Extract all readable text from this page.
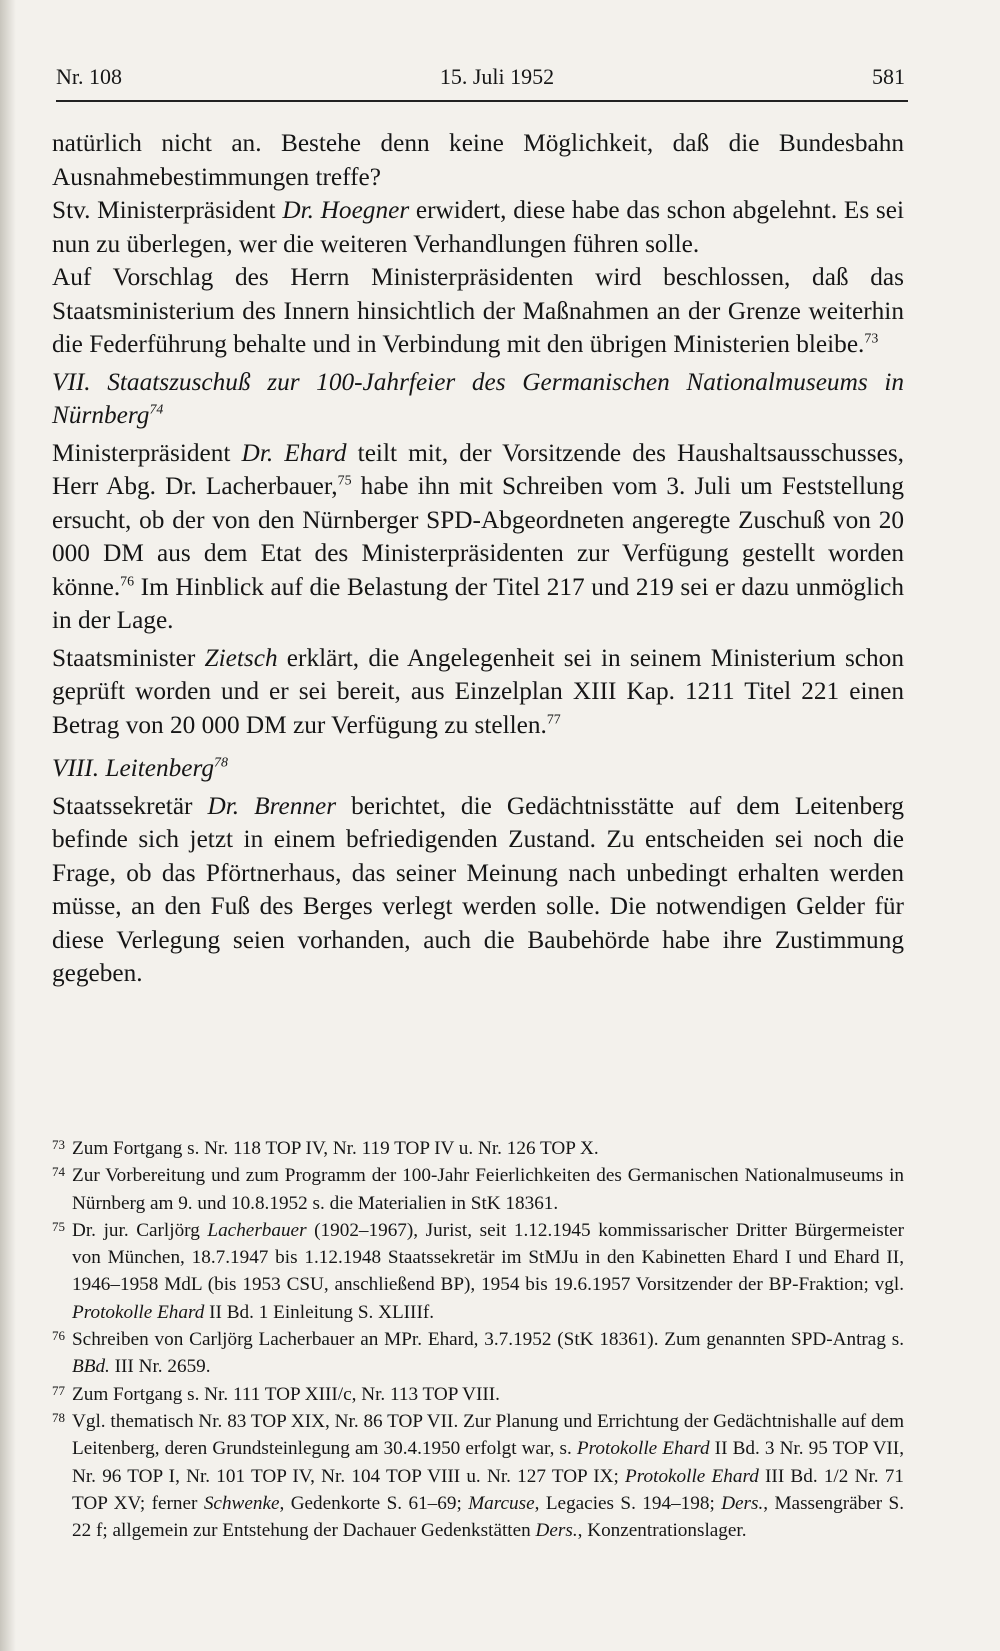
Nr. 108	15. Juli 1952	581

natürlich nicht an. Bestehe denn keine Möglichkeit, daß die Bundesbahn Ausnahmebestimmungen treffe?

Stv. Ministerpräsident Dr. Hoegner erwidert, diese habe das schon abgelehnt. Es sei nun zu überlegen, wer die weiteren Verhandlungen führen solle.

Auf Vorschlag des Herrn Ministerpräsidenten wird beschlossen, daß das Staatsministerium des Innern hinsichtlich der Maßnahmen an der Grenze weiterhin die Federführung behalte und in Verbindung mit den übrigen Ministerien bleibe.$^{73}$

VII. Staatszuschuß zur 100-Jahrfeier des Germanischen Nationalmuseums in Nürnberg$^{74}$

Ministerpräsident Dr. Ehard teilt mit, der Vorsitzende des Haushaltsausschusses, Herr Abg. Dr. Lacherbauer,$^{75}$ habe ihn mit Schreiben vom 3. Juli um Feststellung ersucht, ob der von den Nürnberger SPD-Abgeordneten angeregte Zuschuß von 20 000 DM aus dem Etat des Ministerpräsidenten zur Verfügung gestellt worden könne.$^{76}$ Im Hinblick auf die Belastung der Titel 217 und 219 sei er dazu unmöglich in der Lage.

Staatsminister Zietsch erklärt, die Angelegenheit sei in seinem Ministerium schon geprüft worden und er sei bereit, aus Einzelplan XIII Kap. 1211 Titel 221 einen Betrag von 20 000 DM zur Verfügung zu stellen.$^{77}$

VIII. Leitenberg$^{78}$

Staatssekretär Dr. Brenner berichtet, die Gedächtnisstätte auf dem Leitenberg befinde sich jetzt in einem befriedigenden Zustand. Zu entscheiden sei noch die Frage, ob das Pförtnerhaus, das seiner Meinung nach unbedingt erhalten werden müsse, an den Fuß des Berges verlegt werden solle. Die notwendigen Gelder für diese Verlegung seien vorhanden, auch die Baubehörde habe ihre Zustimmung gegeben.

73 Zum Fortgang s. Nr. 118 TOP IV, Nr. 119 TOP IV u. Nr. 126 TOP X.
74 Zur Vorbereitung und zum Programm der 100-Jahr Feierlichkeiten des Germanischen Nationalmuseums in Nürnberg am 9. und 10.8.1952 s. die Materialien in StK 18361.
75 Dr. jur. Carljörg Lacherbauer (1902–1967), Jurist, seit 1.12.1945 kommissarischer Dritter Bürgermeister von München, 18.7.1947 bis 1.12.1948 Staatssekretär im StMJu in den Kabinetten Ehard I und Ehard II, 1946–1958 MdL (bis 1953 CSU, anschließend BP), 1954 bis 19.6.1957 Vorsitzender der BP-Fraktion; vgl. Protokolle Ehard II Bd. 1 Einleitung S. XLIIIf.
76 Schreiben von Carljörg Lacherbauer an MPr. Ehard, 3.7.1952 (StK 18361). Zum genannten SPD-Antrag s. BBd. III Nr. 2659.
77 Zum Fortgang s. Nr. 111 TOP XIII/c, Nr. 113 TOP VIII.
78 Vgl. thematisch Nr. 83 TOP XIX, Nr. 86 TOP VII. Zur Planung und Errichtung der Gedächtnishalle auf dem Leitenberg, deren Grundsteinlegung am 30.4.1950 erfolgt war, s. Protokolle Ehard II Bd. 3 Nr. 95 TOP VII, Nr. 96 TOP I, Nr. 101 TOP IV, Nr. 104 TOP VIII u. Nr. 127 TOP IX; Protokolle Ehard III Bd. 1/2 Nr. 71 TOP XV; ferner Schwenke, Gedenkorte S. 61–69; Marcuse, Legacies S. 194–198; Ders., Massengräber S. 22 f; allgemein zur Entstehung der Dachauer Gedenkstätten Ders., Konzentrationslager.
